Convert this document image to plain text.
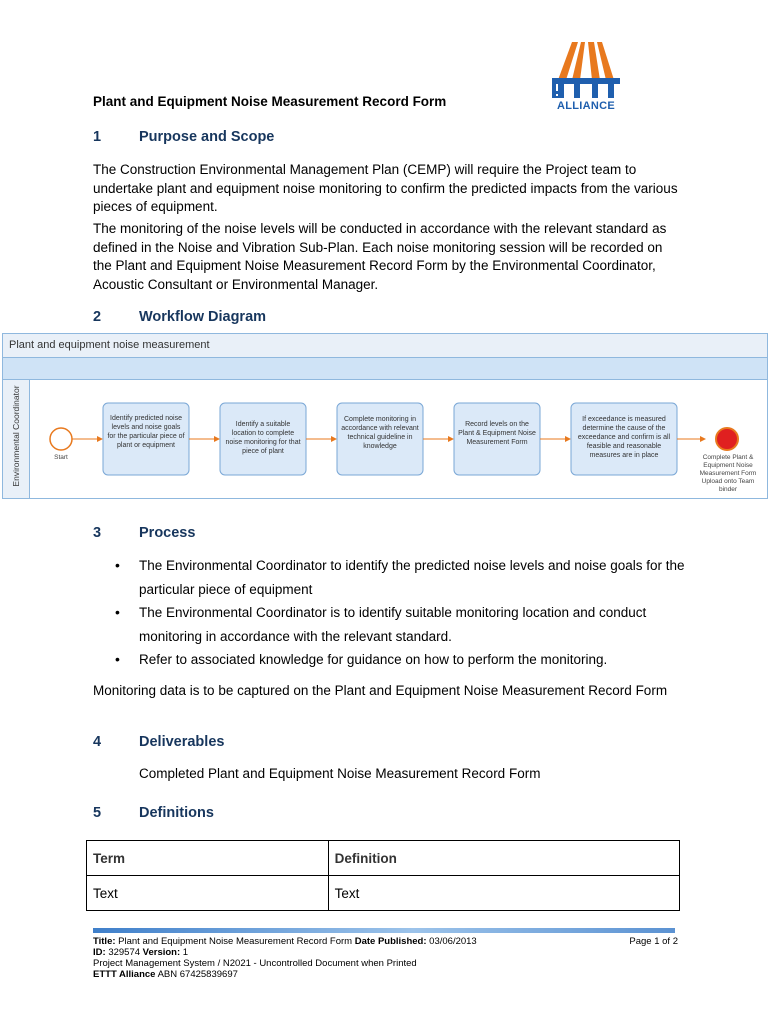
Plant and Equipment Noise Measurement Record Form	ALLIANCE
1	Purpose and Scope
The Construction Environmental Management Plan (CEMP) will require the Project team to undertake plant and equipment noise monitoring to confirm the predicted impacts from the various pieces of equipment.
The monitoring of the noise levels will be conducted in accordance with the relevant standard as defined in the Noise and Vibration Sub-Plan. Each noise monitoring session will be recorded on the Plant and Equipment Noise Measurement Record Form by the Environmental Coordinator, Acoustic Consultant or Environmental Manager.
2	Workflow Diagram
Plant and equipment noise measurement
Environmental Coordinator	Start
Identify predicted noise levels and noise goals for the particular piece of plant or equipment
Identify a suitable location to complete noise monitoring for that piece of plant
Complete monitoring in accordance with relevant technical guideline in knowledge
Record levels on the Plant & Equipment Noise Measurement Form
If exceedance is measured determine the cause of the exceedance and confirm is all feasible and reasonable measures are in place	Complete Plant & Equipment Noise Measurement Form Upload onto Team binder
3	Process
• The Environmental Coordinator to identify the predicted noise levels and noise goals for the particular piece of equipment
• The Environmental Coordinator is to identify suitable monitoring location and conduct monitoring in accordance with the relevant standard.
• Refer to associated knowledge for guidance on how to perform the monitoring.
Monitoring data is to be captured on the Plant and Equipment Noise Measurement Record Form
4	Deliverables
Completed Plant and Equipment Noise Measurement Record Form
5	Definitions
Term	Definition
Text	Text
Title: Plant and Equipment Noise Measurement Record Form Date Published: 03/06/2013	Page 1 of 2
ID: 329574 Version: 1
Project Management System / N2021 - Uncontrolled Document when Printed
ETTT Alliance ABN 67425839697
